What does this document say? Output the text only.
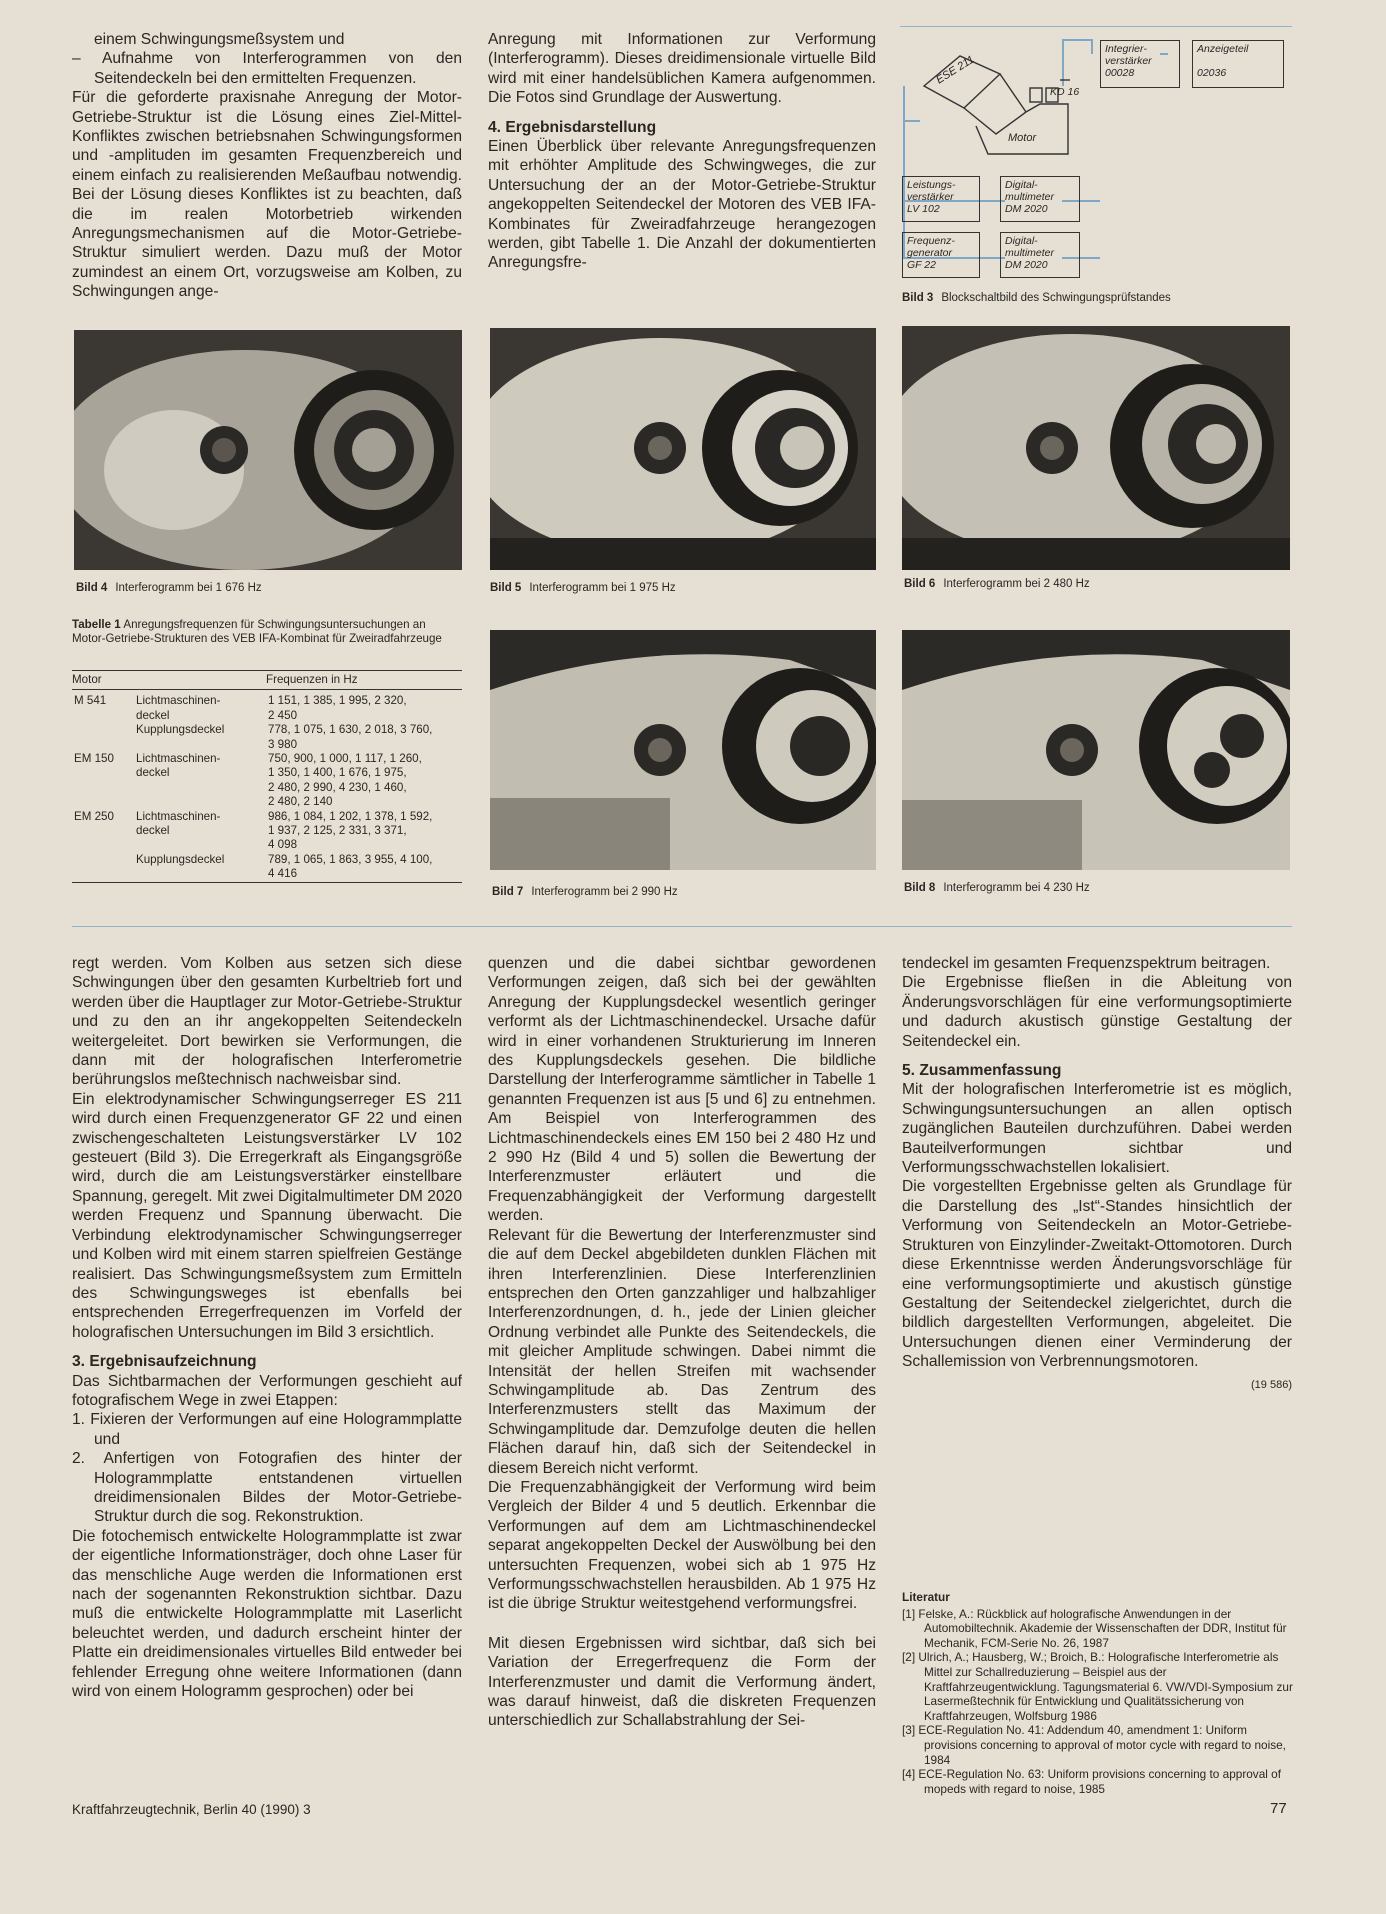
einem Schwingungsmeßsystem und
– Aufnahme von Interferogrammen von den Seitendeckeln bei den ermittelten Frequenzen.

Für die geforderte praxisnahe Anregung der Motor-Getriebe-Struktur ist die Lösung eines Ziel-Mittel-Konfliktes zwischen betriebsnahen Schwingungsformen und -amplituden im gesamten Frequenzbereich und einem einfach zu realisierenden Meßaufbau notwendig. Bei der Lösung dieses Konfliktes ist zu beachten, daß die im realen Motorbetrieb wirkenden Anregungsmechanismen auf die Motor-Getriebe-Struktur simuliert werden. Dazu muß der Motor zumindest an einem Ort, vorzugsweise am Kolben, zu Schwingungen ange-

Anregung mit Informationen zur Verformung (Interferogramm). Dieses dreidimensionale virtuelle Bild wird mit einer handelsüblichen Kamera aufgenommen. Die Fotos sind Grundlage der Auswertung.

4. Ergebnisdarstellung

Einen Überblick über relevante Anregungsfrequenzen mit erhöhter Amplitude des Schwingweges, die zur Untersuchung der an der Motor-Getriebe-Struktur angekoppelten Seitendeckel der Motoren des VEB IFA-Kombinates für Zweiradfahrzeuge herangezogen werden, gibt Tabelle 1. Die Anzahl der dokumentierten Anregungsfre-

ESE 211
KD 16
Motor
Integrier-
verstärker
00028
Anzeigeteil

02036
Leistungs-
verstärker
LV 102
Digital-
multimeter
DM 2020
Frequenz-
generator
GF 22
Digital-
multimeter
DM 2020
Bild 3 Blockschaltbild des Schwingungsprüfstandes
Bild 4 Interferogramm bei 1 676 Hz	Bild 5 Interferogramm bei 1 975 Hz	Bild 6 Interferogramm bei 2 480 Hz
Tabelle 1 Anregungsfrequenzen für Schwingungsuntersuchungen an Motor-Getriebe-Strukturen des VEB IFA-Kombinat für Zweiradfahrzeuge
Motor		Frequenzen in Hz

M 541	Lichtmaschinen-
deckel	1 151, 1 385, 1 995, 2 320,
2 450
	Kupplungsdeckel	778, 1 075, 1 630, 2 018, 3 760,
3 980
EM 150	Lichtmaschinen-
deckel	750, 900, 1 000, 1 117, 1 260,
1 350, 1 400, 1 676, 1 975,
2 480, 2 990, 4 230, 1 460,
2 480, 2 140
EM 250	Lichtmaschinen-
deckel	986, 1 084, 1 202, 1 378, 1 592,
1 937, 2 125, 2 331, 3 371,
4 098
	Kupplungsdeckel	789, 1 065, 1 863, 3 955, 4 100,
4 416
Bild 7 Interferogramm bei 2 990 Hz	Bild 8 Interferogramm bei 4 230 Hz

regt werden. Vom Kolben aus setzen sich diese Schwingungen über den gesamten Kurbeltrieb fort und werden über die Hauptlager zur Motor-Getriebe-Struktur und zu den an ihr angekoppelten Seitendeckeln weitergeleitet. Dort bewirken sie Verformungen, die dann mit der holografischen Interferometrie berührungslos meßtechnisch nachweisbar sind.

Ein elektrodynamischer Schwingungserreger ES 211 wird durch einen Frequenzgenerator GF 22 und einen zwischengeschalteten Leistungsverstärker LV 102 gesteuert (Bild 3). Die Erregerkraft als Eingangsgröße wird, durch die am Leistungsverstärker einstellbare Spannung, geregelt. Mit zwei Digitalmultimeter DM 2020 werden Frequenz und Spannung überwacht. Die Verbindung elektrodynamischer Schwingungserreger und Kolben wird mit einem starren spielfreien Gestänge realisiert. Das Schwingungsmeßsystem zum Ermitteln des Schwingungsweges ist ebenfalls bei entsprechenden Erregerfrequenzen im Vorfeld der holografischen Untersuchungen im Bild 3 ersichtlich.

3. Ergebnisaufzeichnung

Das Sichtbarmachen der Verformungen geschieht auf fotografischem Wege in zwei Etappen:

1. Fixieren der Verformungen auf eine Hologrammplatte und
2. Anfertigen von Fotografien des hinter der Hologrammplatte entstandenen virtuellen dreidimensionalen Bildes der Motor-Getriebe-Struktur durch die sog. Rekonstruktion.

Die fotochemisch entwickelte Hologrammplatte ist zwar der eigentliche Informationsträger, doch ohne Laser für das menschliche Auge werden die Informationen erst nach der sogenannten Rekonstruktion sichtbar. Dazu muß die entwickelte Hologrammplatte mit Laserlicht beleuchtet werden, und dadurch erscheint hinter der Platte ein dreidimensionales virtuelles Bild entweder bei fehlender Erregung ohne weitere Informationen (dann wird von einem Hologramm gesprochen) oder bei

quenzen und die dabei sichtbar gewordenen Verformungen zeigen, daß sich bei der gewählten Anregung der Kupplungsdeckel wesentlich geringer verformt als der Lichtmaschinendeckel. Ursache dafür wird in einer vorhandenen Strukturierung im Inneren des Kupplungsdeckels gesehen. Die bildliche Darstellung der Interferogramme sämtlicher in Tabelle 1 genannten Frequenzen ist aus [5 und 6] zu entnehmen. Am Beispiel von Interferogrammen des Lichtmaschinendeckels eines EM 150 bei 2 480 Hz und 2 990 Hz (Bild 4 und 5) sollen die Bewertung der Interferenzmuster erläutert und die Frequenzabhängigkeit der Verformung dargestellt werden.

Relevant für die Bewertung der Interferenzmuster sind die auf dem Deckel abgebildeten dunklen Flächen mit ihren Interferenzlinien. Diese Interferenzlinien entsprechen den Orten ganzzahliger und halbzahliger Interferenzordnungen, d. h., jede der Linien gleicher Ordnung verbindet alle Punkte des Seitendeckels, die mit gleicher Amplitude schwingen. Dabei nimmt die Intensität der hellen Streifen mit wachsender Schwingamplitude ab. Das Zentrum des Interferenzmusters stellt das Maximum der Schwingamplitude dar. Demzufolge deuten die hellen Flächen darauf hin, daß sich der Seitendeckel in diesem Bereich nicht verformt.

Die Frequenzabhängigkeit der Verformung wird beim Vergleich der Bilder 4 und 5 deutlich. Erkennbar die Verformungen auf dem am Lichtmaschinendeckel separat angekoppelten Deckel der Auswölbung bei den untersuchten Frequenzen, wobei sich ab 1 975 Hz Verformungsschwachstellen herausbilden. Ab 1 975 Hz ist die übrige Struktur weitestgehend verformungsfrei.

Mit diesen Ergebnissen wird sichtbar, daß sich bei Variation der Erregerfrequenz die Form der Interferenzmuster und damit die Verformung ändert, was darauf hinweist, daß die diskreten Frequenzen unterschiedlich zur Schallabstrahlung der Sei-

tendeckel im gesamten Frequenzspektrum beitragen.

Die Ergebnisse fließen in die Ableitung von Änderungsvorschlägen für eine verformungsoptimierte und dadurch akustisch günstige Gestaltung der Seitendeckel ein.

5. Zusammenfassung

Mit der holografischen Interferometrie ist es möglich, Schwingungsuntersuchungen an allen optisch zugänglichen Bauteilen durchzuführen. Dabei werden Bauteilverformungen sichtbar und Verformungsschwachstellen lokalisiert.

Die vorgestellten Ergebnisse gelten als Grundlage für die Darstellung des „Ist“-Standes hinsichtlich der Verformung von Seitendeckeln an Motor-Getriebe-Strukturen von Einzylinder-Zweitakt-Ottomotoren. Durch diese Erkenntnisse werden Änderungsvorschläge für eine verformungsoptimierte und akustisch günstige Gestaltung der Seitendeckel zielgerichtet, durch die bildlich dargestellten Verformungen, abgeleitet. Die Untersuchungen dienen einer Verminderung der Schallemission von Verbrennungsmotoren.

(19 586)

Literatur

[1] Felske, A.: Rückblick auf holografische Anwendungen in der Automobiltechnik. Akademie der Wissenschaften der DDR, Institut für Mechanik, FCM-Serie No. 26, 1987
[2] Ulrich, A.; Hausberg, W.; Broich, B.: Holografische Interferometrie als Mittel zur Schallreduzierung – Beispiel aus der Kraftfahrzeugentwicklung. Tagungsmaterial 6. VW/VDI-Symposium zur Lasermeßtechnik für Entwicklung und Qualitätssicherung von Kraftfahrzeugen, Wolfsburg 1986
[3] ECE-Regulation No. 41: Addendum 40, amendment 1: Uniform provisions concerning to approval of motor cycle with regard to noise, 1984
[4] ECE-Regulation No. 63: Uniform provisions concerning to approval of mopeds with regard to noise, 1985
Kraftfahrzeugtechnik, Berlin 40 (1990) 3	77
